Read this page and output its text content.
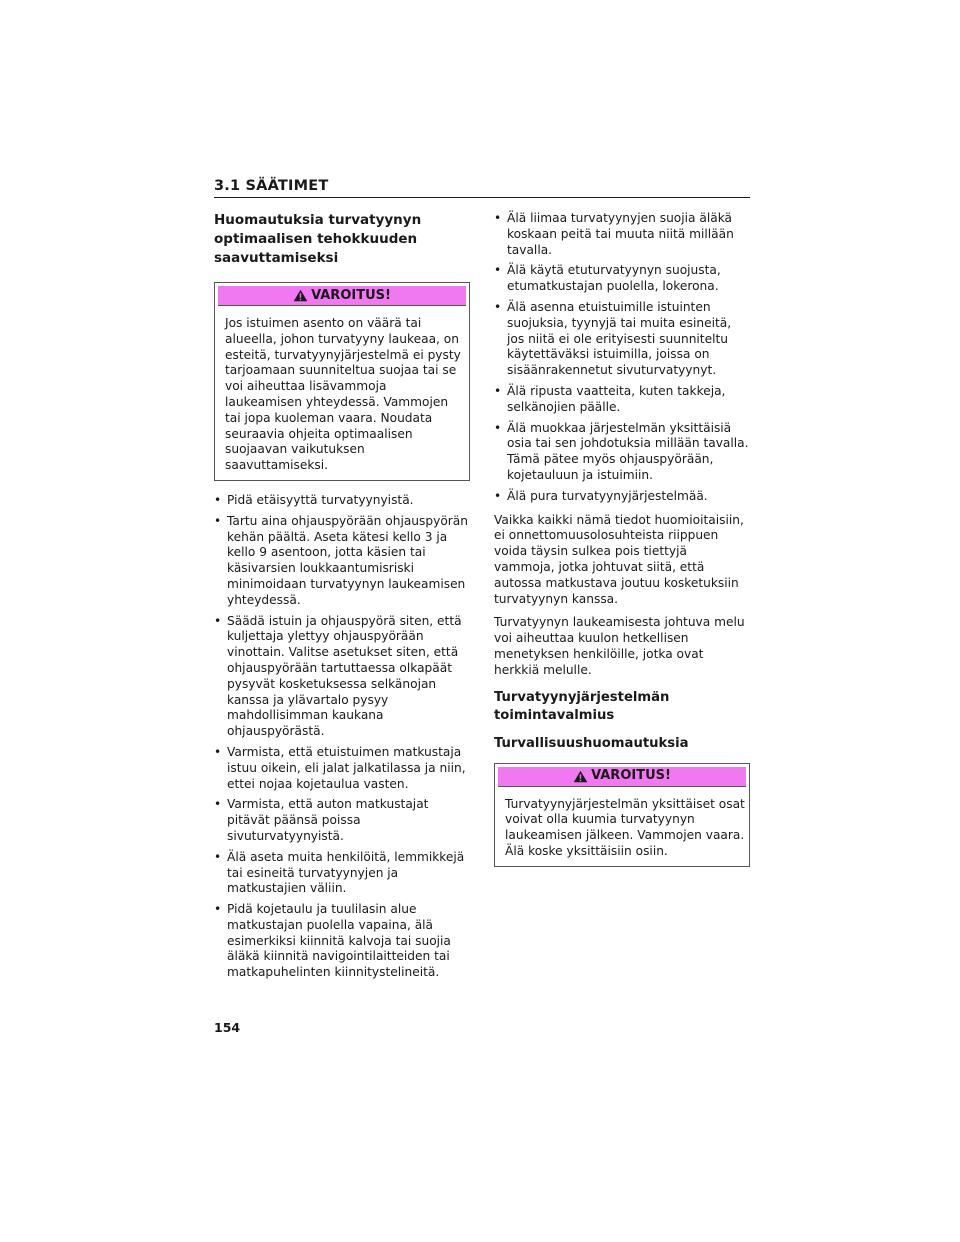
3.1 SÄÄTIMET
Huomautuksia turvatyynyn optimaalisen tehokkuuden saavuttamiseksi
VAROITUS!
Jos istuimen asento on väärä tai alueella, johon turvatyyny laukeaa, on esteitä, turvatyynyjärjestelmä ei pysty tarjoamaan suunniteltua suojaa tai se voi aiheuttaa lisävammoja laukeamisen yhteydessä. Vammojen tai jopa kuoleman vaara. Noudata seuraavia ohjeita optimaalisen suojaavan vaikutuksen saavuttamiseksi.
• Pidä etäisyyttä turvatyynyistä.
• Tartu aina ohjauspyörään ohjauspyörän kehän päältä. Aseta kätesi kello 3 ja kello 9 asentoon, jotta käsien tai käsivarsien loukkaantumisriski minimoidaan turvatyynyn laukeamisen yhteydessä.
• Säädä istuin ja ohjauspyörä siten, että kuljettaja ylettyy ohjauspyörään vinottain. Valitse asetukset siten, että ohjauspyörään tartuttaessa olkapäät pysyvät kosketuksessa selkänojan kanssa ja ylävartalo pysyy mahdollisimman kaukana ohjauspyörästä.
• Varmista, että etuistuimen matkustaja istuu oikein, eli jalat jalkatilassa ja niin, ettei nojaa kojetaulua vasten.
• Varmista, että auton matkustajat pitävät päänsä poissa sivuturvatyynyistä.
• Älä aseta muita henkilöitä, lemmikkejä tai esineitä turvatyynyjen ja matkustajien väliin.
• Pidä kojetaulu ja tuulilasin alue matkustajan puolella vapaina, älä esimerkiksi kiinnitä kalvoja tai suojia äläkä kiinnitä navigointilaitteiden tai matkapuhelinten kiinnitystelineitä.
• Älä liimaa turvatyynyjen suojia äläkä koskaan peitä tai muuta niitä millään tavalla.
• Älä käytä etuturvatyynyn suojusta, etumatkustajan puolella, lokerona.
• Älä asenna etuistuimille istuinten suojuksia, tyynyjä tai muita esineitä, jos niitä ei ole erityisesti suunniteltu käytettäväksi istuimilla, joissa on sisäänrakennetut sivuturvatyynyt.
• Älä ripusta vaatteita, kuten takkeja, selkänojien päälle.
• Älä muokkaa järjestelmän yksittäisiä osia tai sen johdotuksia millään tavalla. Tämä pätee myös ohjauspyörään, kojetauluun ja istuimiin.
• Älä pura turvatyynyjärjestelmää.

Vaikka kaikki nämä tiedot huomioitaisiin, ei onnettomuusolosuhteista riippuen voida täysin sulkea pois tiettyjä vammoja, jotka johtuvat siitä, että autossa matkustava joutuu kosketuksiin turvatyynyn kanssa.

Turvatyynyn laukeamisesta johtuva melu voi aiheuttaa kuulon hetkellisen menetyksen henkilöille, jotka ovat herkkiä melulle.

Turvatyynyjärjestelmän toimintavalmius
Turvallisuushuomautuksia
VAROITUS!
Turvatyynyjärjestelmän yksittäiset osat voivat olla kuumia turvatyynyn laukeamisen jälkeen. Vammojen vaara. Älä koske yksittäisiin osiin.
154
